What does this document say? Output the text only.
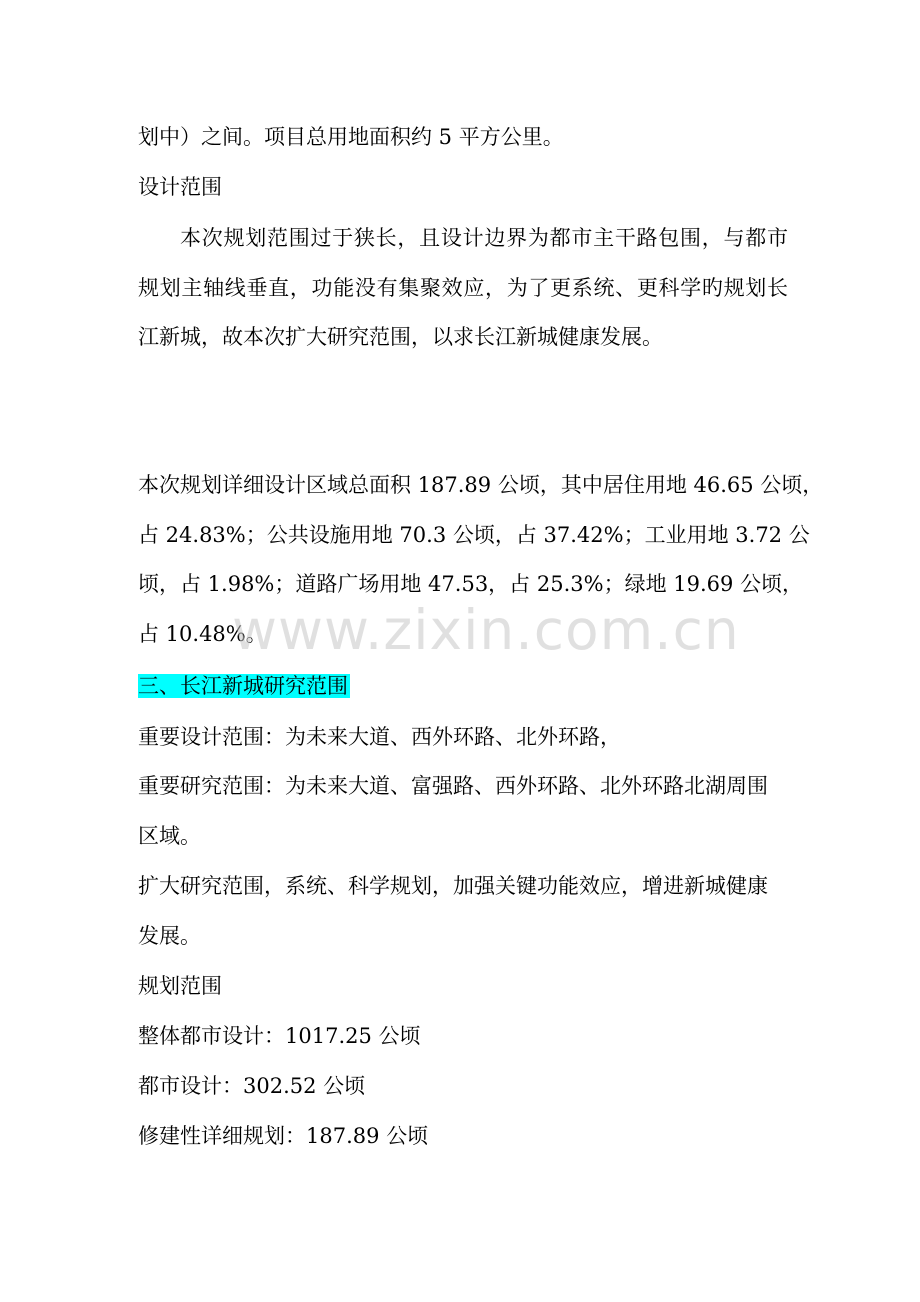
划中）之间。项目总用地面积约 5 平方公里。
设计范围
本次规划范围过于狭长，且设计边界为都市主干路包围，与都市规划主轴线垂直，功能没有集聚效应，为了更系统、更科学旳规划长江新城，故本次扩大研究范围，以求长江新城健康发展。
本次规划详细设计区域总面积 187.89 公顷，其中居住用地 46.65 公顷，
占 24.83%；公共设施用地 70.3 公顷，占 37.42%；工业用地 3.72 公
顷，占 1.98%；道路广场用地 47.53，占 25.3%；绿地 19.69 公顷，
占 10.48%。
三、长江新城研究范围
重要设计范围：为未来大道、西外环路、北外环路，
重要研究范围：为未来大道、富强路、西外环路、北外环路北湖周围
区域。
扩大研究范围，系统、科学规划，加强关键功能效应，增进新城健康
发展。
规划范围
整体都市设计：1017.25 公顷
都市设计：302.52 公顷
修建性详细规划：187.89 公顷
www.zixin.com.cn
